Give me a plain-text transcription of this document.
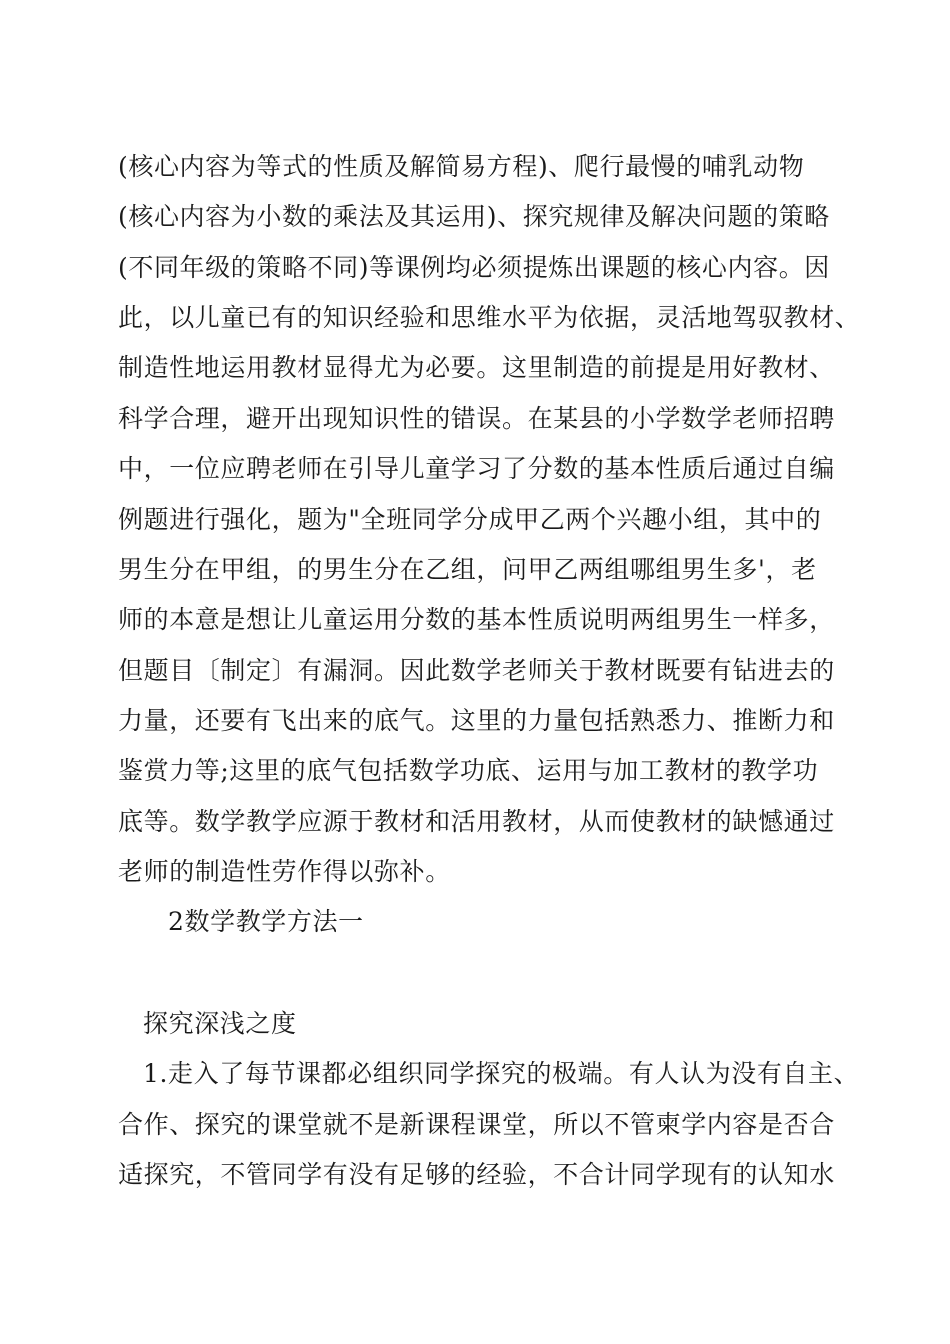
(核心内容为等式的性质及解简易方程)、爬行最慢的哺乳动物
(核心内容为小数的乘法及其运用)、探究规律及解决问题的策略
(不同年级的策略不同)等课例均必须提炼出课题的核心内容。因
此，以儿童已有的知识经验和思维水平为依据，灵活地驾驭教材、
制造性地运用教材显得尤为必要。这里制造的前提是用好教材、
科学合理，避开出现知识性的错误。在某县的小学数学老师招聘
中，一位应聘老师在引导儿童学习了分数的基本性质后通过自编
例题进行强化，题为"全班同学分成甲乙两个兴趣小组，其中的
男生分在甲组，的男生分在乙组，问甲乙两组哪组男生多'，老
师的本意是想让儿童运用分数的基本性质说明两组男生一样多，
但题目〔制定〕有漏洞。因此数学老师关于教材既要有钻进去的
力量，还要有飞出来的底气。这里的力量包括熟悉力、推断力和
鉴赏力等;这里的底气包括数学功底、运用与加工教材的教学功
底等。数学教学应源于教材和活用教材，从而使教材的缺憾通过
老师的制造性劳作得以弥补。
2数学教学方法一
探究深浅之度
1.走入了每节课都必组织同学探究的极端。有人认为没有自主、
合作、探究的课堂就不是新课程课堂，所以不管柬学内容是否合
适探究，不管同学有没有足够的经验，不合计同学现有的认知水
